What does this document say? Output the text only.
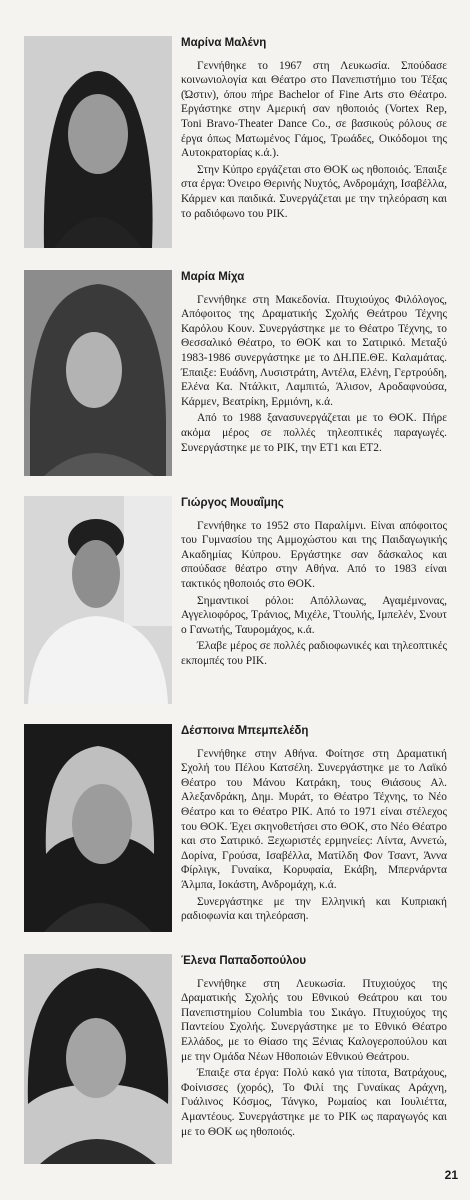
Μαρίνα Μαλένη

Γεννήθηκε το 1967 στη Λευκωσία. Σπούδασε κοινωνιολογία και Θέατρο στο Πανεπιστήμιο του Τέξας (Ώστιν), όπου πήρε Bachelor of Fine Arts στο Θέατρο. Εργάστηκε στην Αμερική σαν ηθοποιός (Vortex Rep, Toni Bravo-Theater Dance Co., σε βασικούς ρόλους σε έργα όπως Ματωμένος Γάμος, Τρωάδες, Οικόδομοι της Αυτοκρατορίας κ.ά.).

Στην Κύπρο εργάζεται στο ΘΟΚ ως ηθοποιός. Έπαιξε στα έργα: Όνειρο Θερινής Νυχτός, Ανδρομάχη, Ισαβέλλα, Κάρμεν και παιδικά. Συνεργάζεται με την τηλεόραση και το ραδιόφωνο του ΡΙΚ.

Μαρία Μίχα

Γεννήθηκε στη Μακεδονία. Πτυχιούχος Φιλόλογος, Απόφοιτος της Δραματικής Σχολής Θεάτρου Τέχνης Καρόλου Κουν. Συνεργάστηκε με το Θέατρο Τέχνης, το Θεσσαλικό Θέατρο, το ΘΟΚ και το Σατιρικό. Μεταξύ 1983-1986 συνεργάστηκε με το ΔΗ.ΠΕ.ΘΕ. Καλαμάτας. Έπαιξε: Ευάδνη, Λυσιστράτη, Αντέλα, Ελένη, Γερτρούδη, Ελένα Κα. Ντάλκιτ, Λαμπιτώ, Άλισον, Αροδαφνούσα, Κάρμεν, Βεατρίκη, Ερμιόνη, κ.ά.

Από το 1988 ξανασυνεργάζεται με το ΘΟΚ. Πήρε ακόμα μέρος σε πολλές τηλεοπτικές παραγωγές. Συνεργάστηκε με το ΡΙΚ, την ΕΤ1 και ΕΤ2.

Γιώργος Μουαΐμης

Γεννήθηκε το 1952 στο Παραλίμνι. Είναι απόφοιτος του Γυμνασίου της Αμμοχώστου και της Παιδαγωγικής Ακαδημίας Κύπρου. Εργάστηκε σαν δάσκαλος και σπούδασε θέατρο στην Αθήνα. Από το 1983 είναι τακτικός ηθοποιός στο ΘΟΚ.

Σημαντικοί ρόλοι: Απόλλωνας, Αγαμέμνονας, Αγγελιοφόρος, Τράνιος, Μιχέλε, Ττουλής, Ιμπελέν, Σνουτ ο Γανωτής, Ταυρομάχος, κ.ά.

Έλαβε μέρος σε πολλές ραδιοφωνικές και τηλεοπτικές εκπομπές του ΡΙΚ.

Δέσποινα Μπεμπελέδη

Γεννήθηκε στην Αθήνα. Φοίτησε στη Δραματική Σχολή του Πέλου Κατσέλη. Συνεργάστηκε με το Λαϊκό Θέατρο του Μάνου Κατράκη, τους Θιάσους Αλ. Αλεξανδράκη, Δημ. Μυράτ, το Θέατρο Τέχνης, το Νέο Θέατρο και το Θέατρο ΡΙΚ. Από το 1971 είναι στέλεχος του ΘΟΚ. Έχει σκηνοθετήσει στο ΘΟΚ, στο Νέο Θέατρο και στο Σατιρικό. Ξεχωριστές ερμηνείες: Λίντα, Αννετώ, Δορίνα, Γρούσα, Ισαβέλλα, Ματίλδη Φον Τσαντ, Άννα Φίρλιγκ, Γυναίκα, Κορυφαία, Εκάβη, Μπερνάρντα Άλμπα, Ιοκάστη, Ανδρομάχη, κ.ά.

Συνεργάστηκε με την Ελληνική και Κυπριακή ραδιοφωνία και τηλεόραση.

Έλενα Παπαδοπούλου

Γεννήθηκε στη Λευκωσία. Πτυχιούχος της Δραματικής Σχολής του Εθνικού Θεάτρου και του Πανεπιστημίου Columbia του Σικάγο. Πτυχιούχος της Παντείου Σχολής. Συνεργάστηκε με το Εθνικό Θέατρο Ελλάδος, με το Θίασο της Ξένιας Καλογεροπούλου και με την Ομάδα Νέων Ηθοποιών Εθνικού Θεάτρου.

Έπαιξε στα έργα: Πολύ κακό για τίποτα, Βατράχους, Φοίνισσες (χορός), Το Φιλί της Γυναίκας Αράχνη, Γυάλινος Κόσμος, Τάνγκο, Ρωμαίος και Ιουλιέττα, Αμαντέους. Συνεργάστηκε με το ΡΙΚ ως παραγωγός και με το ΘΟΚ ως ηθοποιός.

21
